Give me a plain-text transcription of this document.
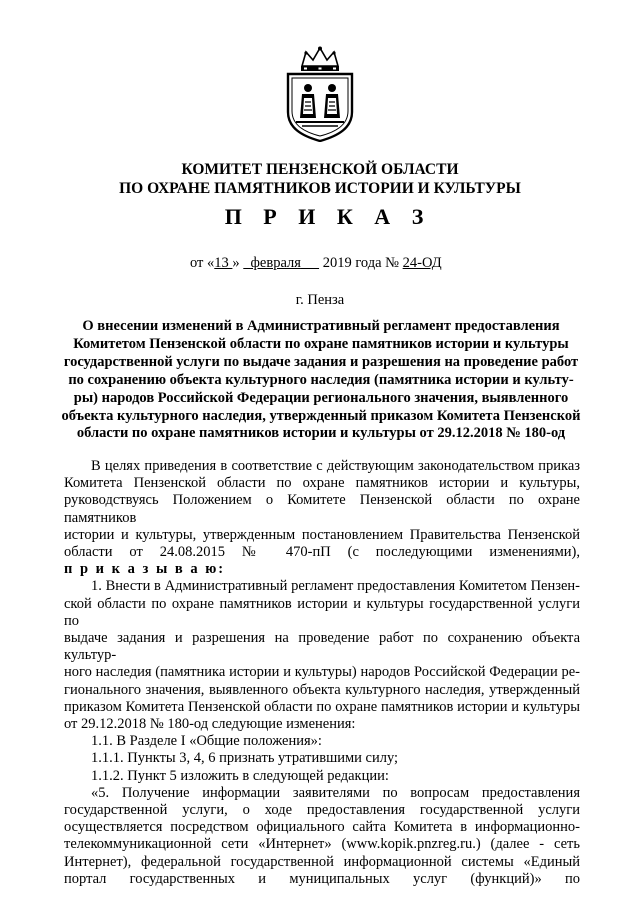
КОМИТЕТ ПЕНЗЕНСКОЙ ОБЛАСТИ
ПО ОХРАНЕ ПАМЯТНИКОВ ИСТОРИИ И КУЛЬТУРЫ
П Р И К А З
от «13 »   февраля      2019 года № 24-ОД
г. Пенза
О внесении изменений в Административный регламент предоставления
Комитетом Пензенской области по охране памятников истории и культуры
государственной услуги по выдаче задания и разрешения на проведение работ
по сохранению объекта культурного наследия (памятника истории и культу-
ры) народов Российской Федерации регионального значения, выявленного
объекта культурного наследия, утвержденный приказом Комитета Пензенской
области по охране памятников истории и культуры от 29.12.2018 № 180-од
В целях приведения в соответствие с действующим законодательством приказ
Комитета Пензенской области по охране памятников истории и культуры,
руководствуясь Положением о Комитете Пензенской области по охране памятников
истории и культуры, утвержденным постановлением Правительства Пензенской
области от 24.08.2015 № 470-пП (с последующими изменениями),
п р и к а з ы в а ю:
1. Внести в Административный регламент предоставления Комитетом Пензен-
ской области по охране памятников истории и культуры государственной услуги по
выдаче задания и разрешения на проведение работ по сохранению объекта культур-
ного наследия (памятника истории и культуры) народов Российской Федерации ре-
гионального значения, выявленного объекта культурного наследия, утвержденный
приказом Комитета Пензенской области по охране памятников истории и культуры
от 29.12.2018 № 180-од следующие изменения:
1.1. В Разделе I «Общие положения»:
1.1.1. Пункты 3, 4, 6 признать утратившими силу;
1.1.2. Пункт 5 изложить в следующей редакции:
«5. Получение информации заявителями по вопросам предоставления
государственной услуги, о ходе предоставления государственной услуги
осуществляется посредством официального сайта Комитета в информационно-
телекоммуникационной сети «Интернет» (www.kopik.pnzreg.ru.) (далее - сеть
Интернет), федеральной государственной информационной системы «Единый
портал государственных и муниципальных услуг (функций)» по
